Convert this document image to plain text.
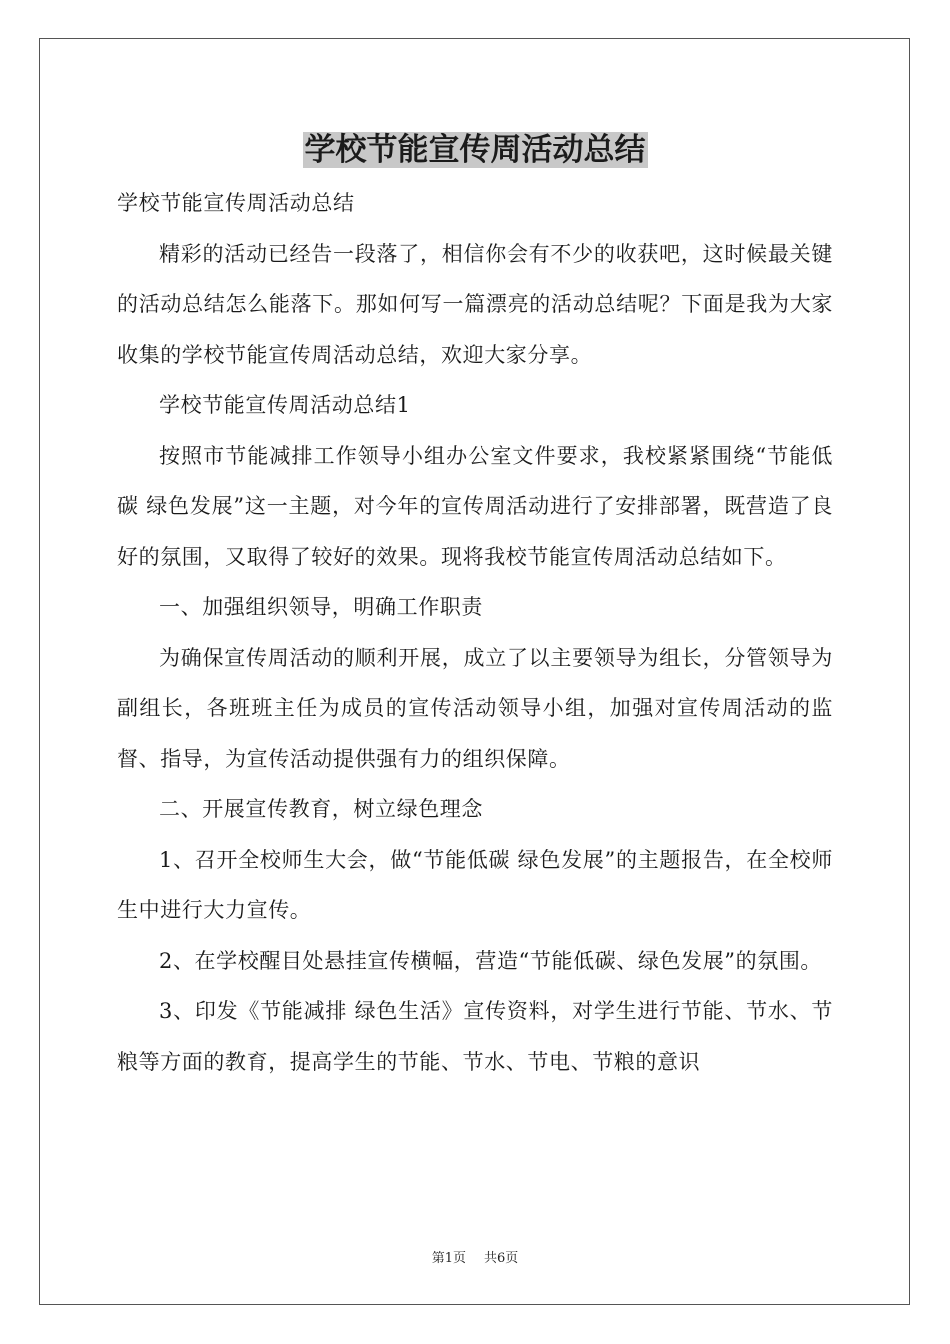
学校节能宣传周活动总结

学校节能宣传周活动总结

精彩的活动已经告一段落了，相信你会有不少的收获吧，这时候最关键的活动总结怎么能落下。那如何写一篇漂亮的活动总结呢？下面是我为大家收集的学校节能宣传周活动总结，欢迎大家分享。

学校节能宣传周活动总结1

按照市节能减排工作领导小组办公室文件要求，我校紧紧围绕“节能低碳 绿色发展”这一主题，对今年的宣传周活动进行了安排部署，既营造了良好的氛围，又取得了较好的效果。现将我校节能宣传周活动总结如下。

一、加强组织领导，明确工作职责

为确保宣传周活动的顺利开展，成立了以主要领导为组长，分管领导为副组长，各班班主任为成员的宣传活动领导小组，加强对宣传周活动的监督、指导，为宣传活动提供强有力的组织保障。

二、开展宣传教育，树立绿色理念

1、召开全校师生大会，做“节能低碳 绿色发展”的主题报告，在全校师生中进行大力宣传。

2、在学校醒目处悬挂宣传横幅，营造“节能低碳、绿色发展”的氛围。

3、印发《节能减排 绿色生活》宣传资料，对学生进行节能、节水、节粮等方面的教育，提高学生的节能、节水、节电、节粮的意识

第1页 共6页
